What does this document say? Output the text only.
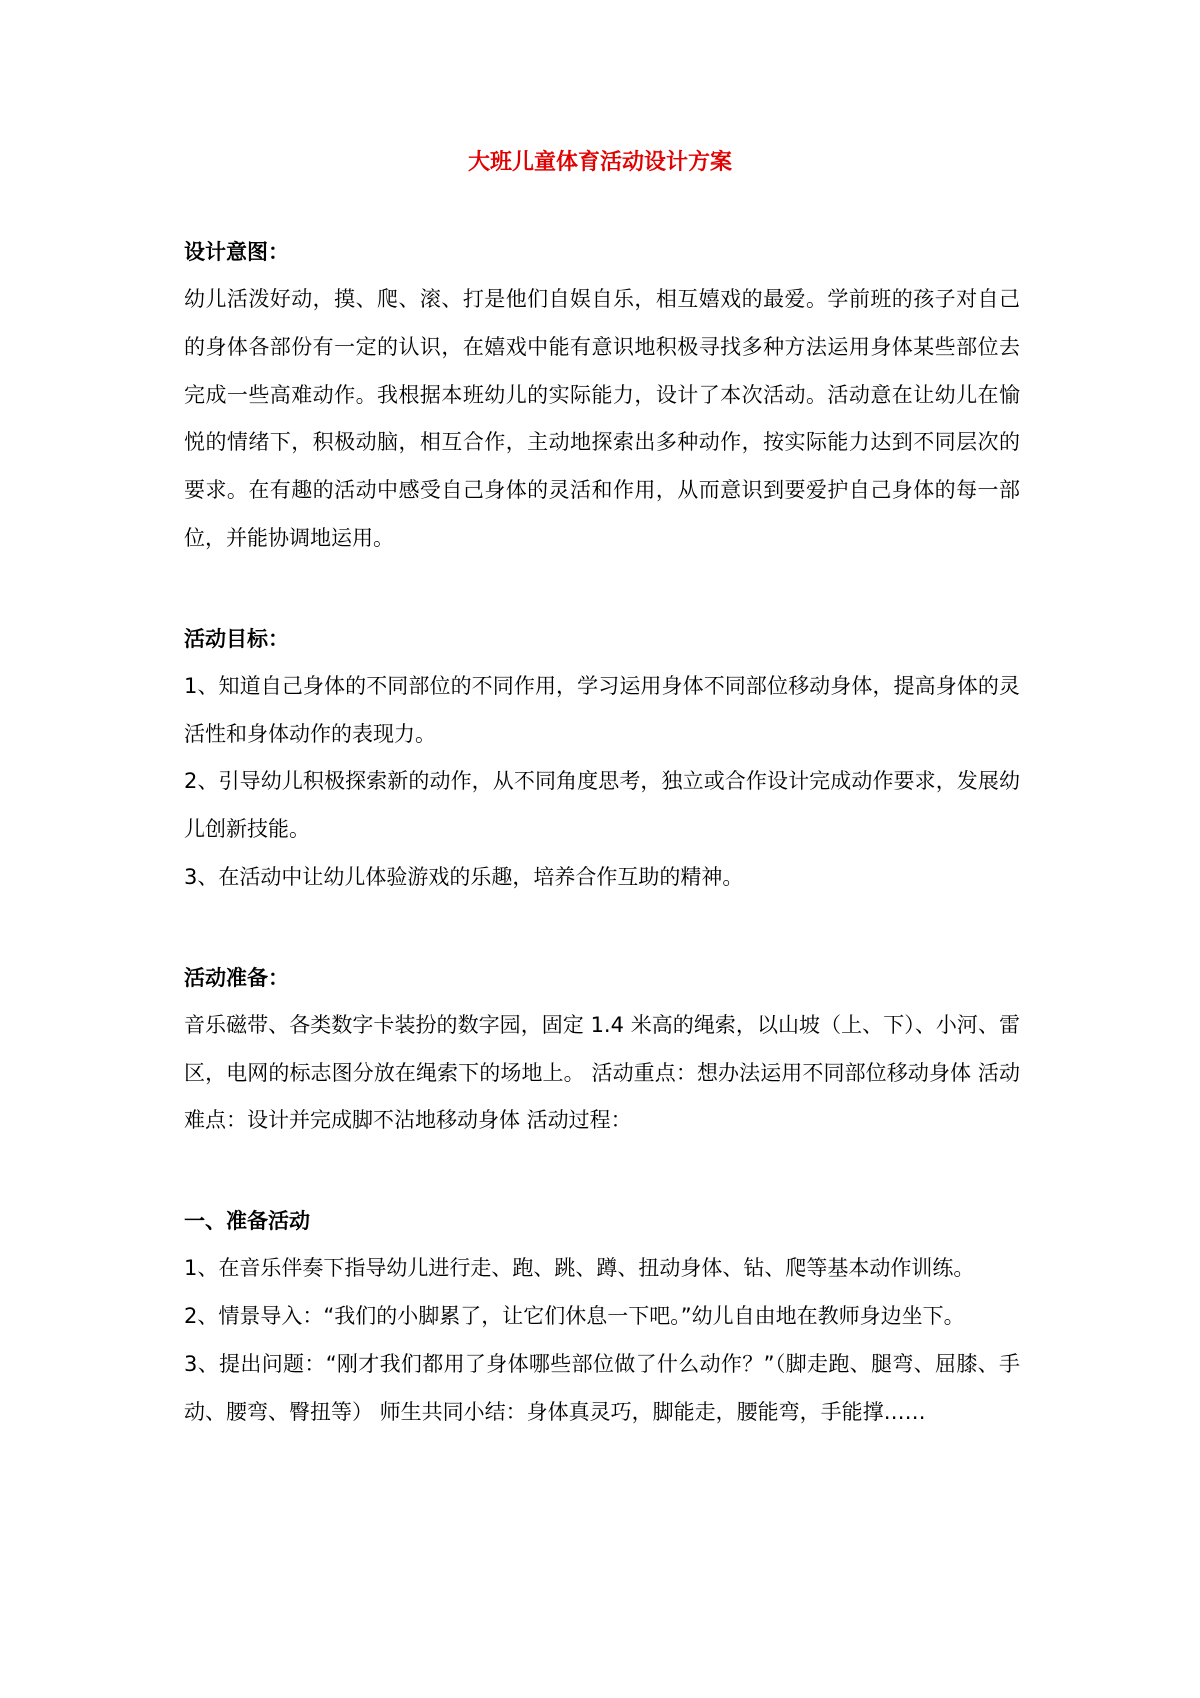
大班儿童体育活动设计方案

设计意图：

幼儿活泼好动，摸、爬、滚、打是他们自娱自乐，相互嬉戏的最爱。学前班的孩子对自己的身体各部份有一定的认识，在嬉戏中能有意识地积极寻找多种方法运用身体某些部位去完成一些高难动作。我根据本班幼儿的实际能力，设计了本次活动。活动意在让幼儿在愉悦的情绪下，积极动脑，相互合作，主动地探索出多种动作，按实际能力达到不同层次的要求。在有趣的活动中感受自己身体的灵活和作用，从而意识到要爱护自己身体的每一部位，并能协调地运用。

活动目标：

1、知道自己身体的不同部位的不同作用，学习运用身体不同部位移动身体，提高身体的灵活性和身体动作的表现力。

2、引导幼儿积极探索新的动作，从不同角度思考，独立或合作设计完成动作要求，发展幼儿创新技能。

3、在活动中让幼儿体验游戏的乐趣，培养合作互助的精神。

活动准备：

音乐磁带、各类数字卡装扮的数字园，固定 1.4 米高的绳索，以山坡（上、下）、小河、雷区，电网的标志图分放在绳索下的场地上。 活动重点：想办法运用不同部位移动身体 活动难点：设计并完成脚不沾地移动身体 活动过程：

一、准备活动

1、在音乐伴奏下指导幼儿进行走、跑、跳、蹲、扭动身体、钻、爬等基本动作训练。

2、情景导入：“我们的小脚累了，让它们休息一下吧。”幼儿自由地在教师身边坐下。

3、提出问题：“刚才我们都用了身体哪些部位做了什么动作？”（脚走跑、腿弯、屈膝、手动、腰弯、臀扭等） 师生共同小结：身体真灵巧，脚能走，腰能弯，手能撑……
